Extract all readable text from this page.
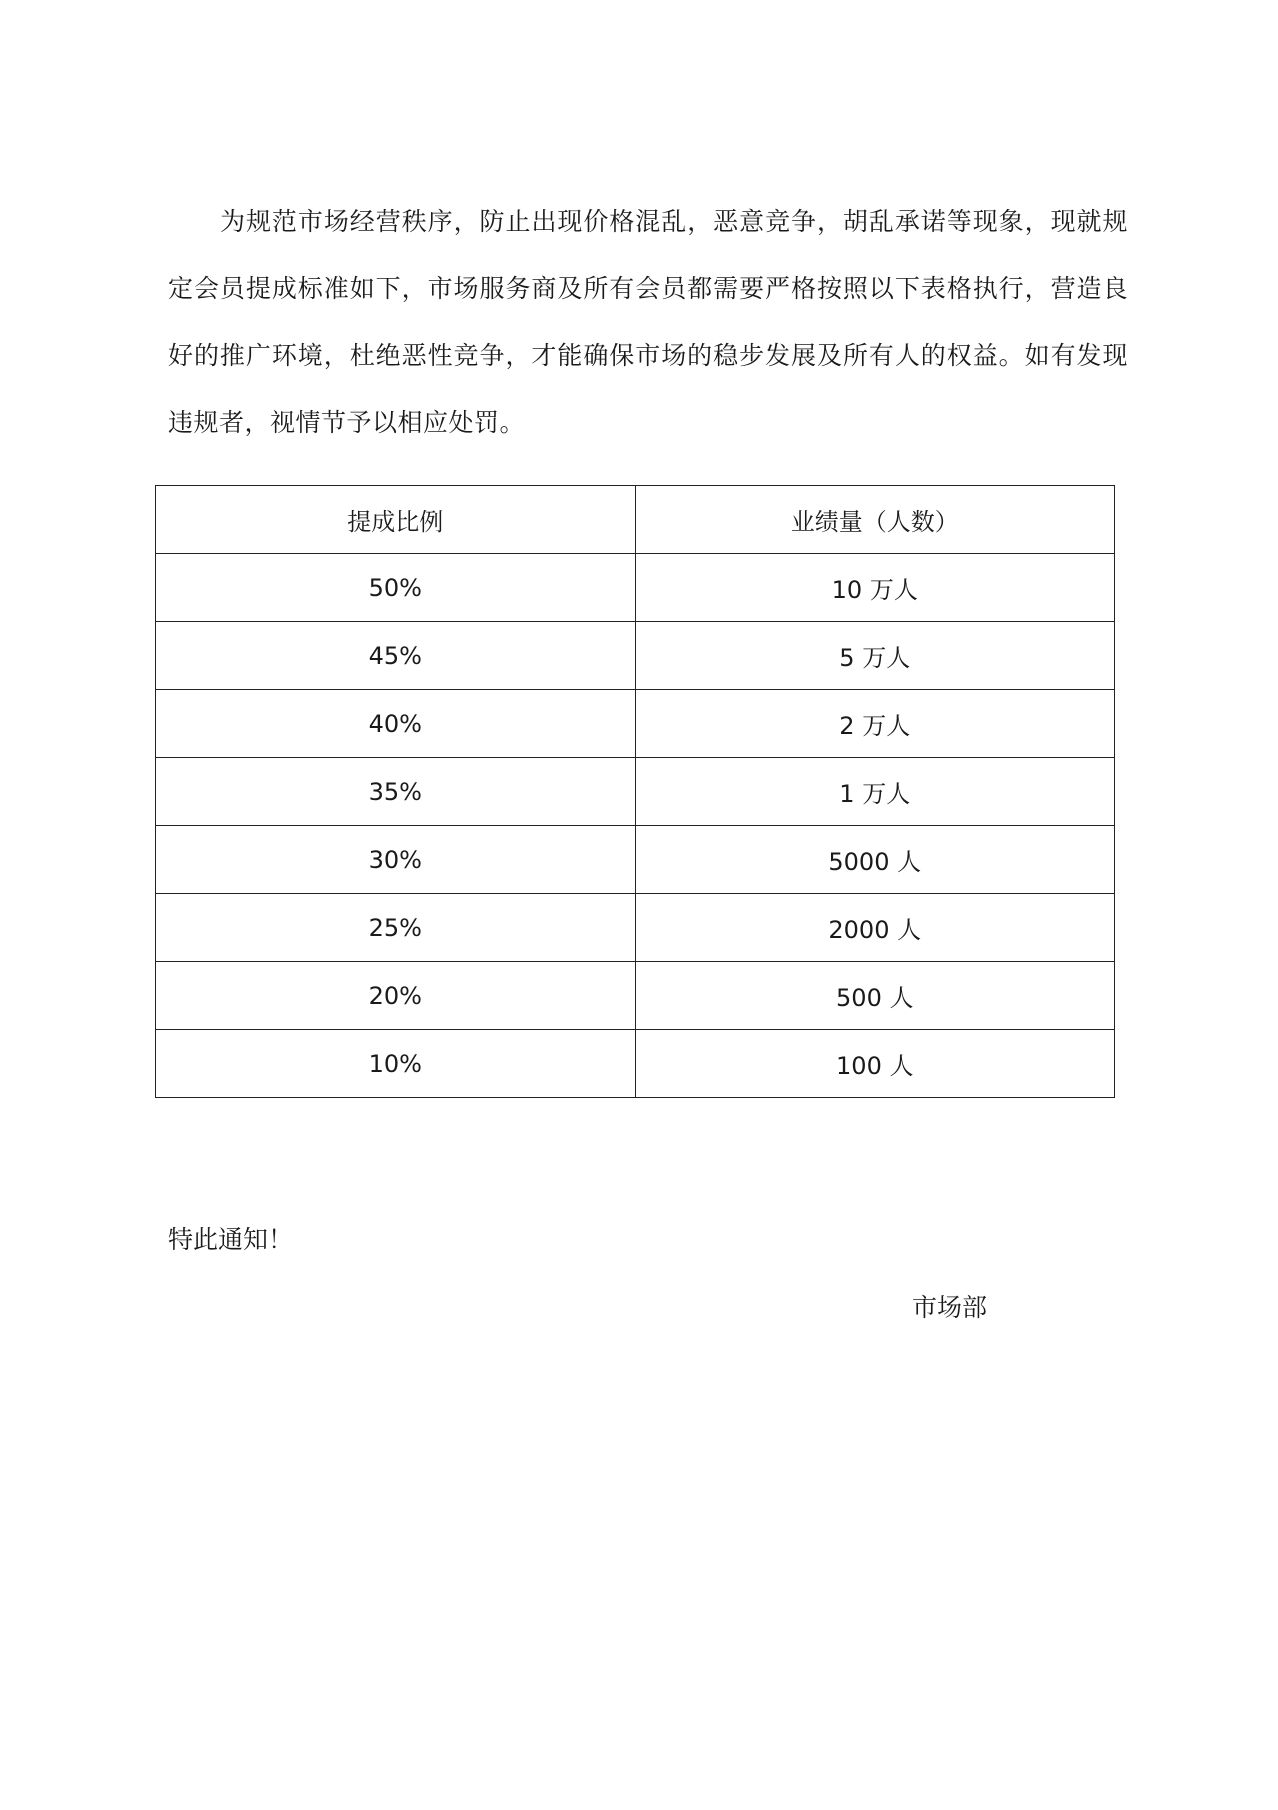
为规范市场经营秩序，防止出现价格混乱，恶意竞争，胡乱承诺等现象，现就规定会员提成标准如下，市场服务商及所有会员都需要严格按照以下表格执行，营造良好的推广环境，杜绝恶性竞争，才能确保市场的稳步发展及所有人的权益。如有发现违规者，视情节予以相应处罚。

提成比例	业绩量（人数）
50%	10 万人
45%	5 万人
40%	2 万人
35%	1 万人
30%	5000 人
25%	2000 人
20%	500 人
10%	100 人

特此通知！

市场部
